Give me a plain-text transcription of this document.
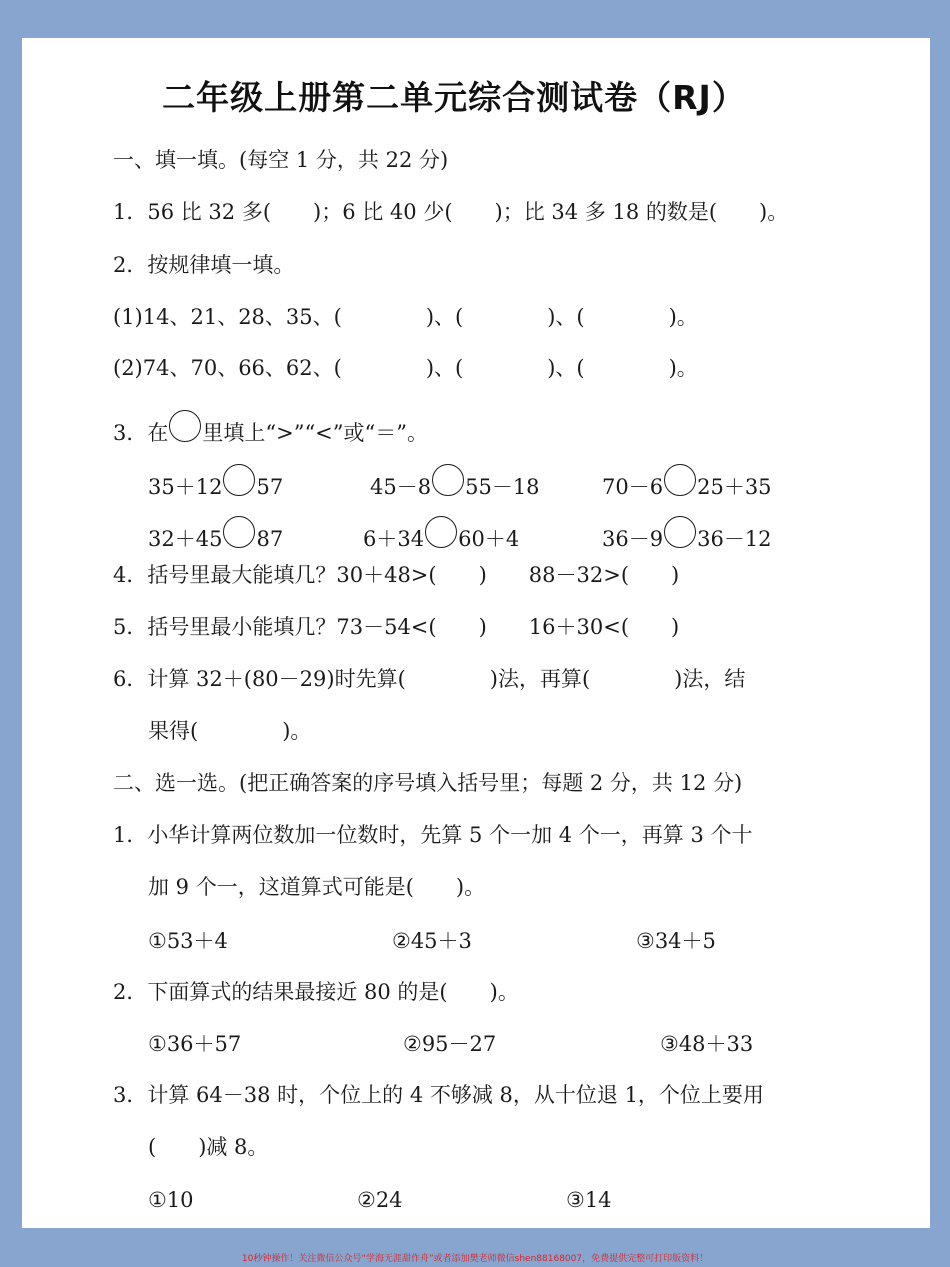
二年级上册第二单元综合测试卷（RJ）
一、填一填。(每空 1 分，共 22 分)
1．56 比 32 多(　　)；6 比 40 少(　　)；比 34 多 18 的数是(　　)。
2．按规律填一填。
(1)14、21、28、35、(　　　　)、(　　　　)、(　　　　)。
(2)74、70、66、62、(　　　　)、(　　　　)、(　　　　)。
3．在 里填上“>”“<”或“＝”。
35＋12 57	45－8 55－18	70－6 25＋35
32＋45 87	6＋34 60＋4	36－9 36－12
4．括号里最大能填几？30＋48>(　　)　　88－32>(　　)
5．括号里最小能填几？73－54<(　　)　　16＋30<(　　)
6．计算 32＋(80－29)时先算(　　　　)法，再算(　　　　)法，结
果得(　　　　)。
二、选一选。(把正确答案的序号填入括号里；每题 2 分，共 12 分)
1．小华计算两位数加一位数时，先算 5 个一加 4 个一，再算 3 个十
加 9 个一，这道算式可能是(　　)。
①53＋4	②45＋3	③34＋5
2．下面算式的结果最接近 80 的是(　　)。
①36＋57	②95－27	③48＋33
3．计算 64－38 时，个位上的 4 不够减 8，从十位退 1，个位上要用
(　　)减 8。
①10	②24	③14
10秒钟操作！关注微信公众号“学海无涯甜作舟”或者添加樊老师微信shen88168007，免费提供完整可打印版资料！
